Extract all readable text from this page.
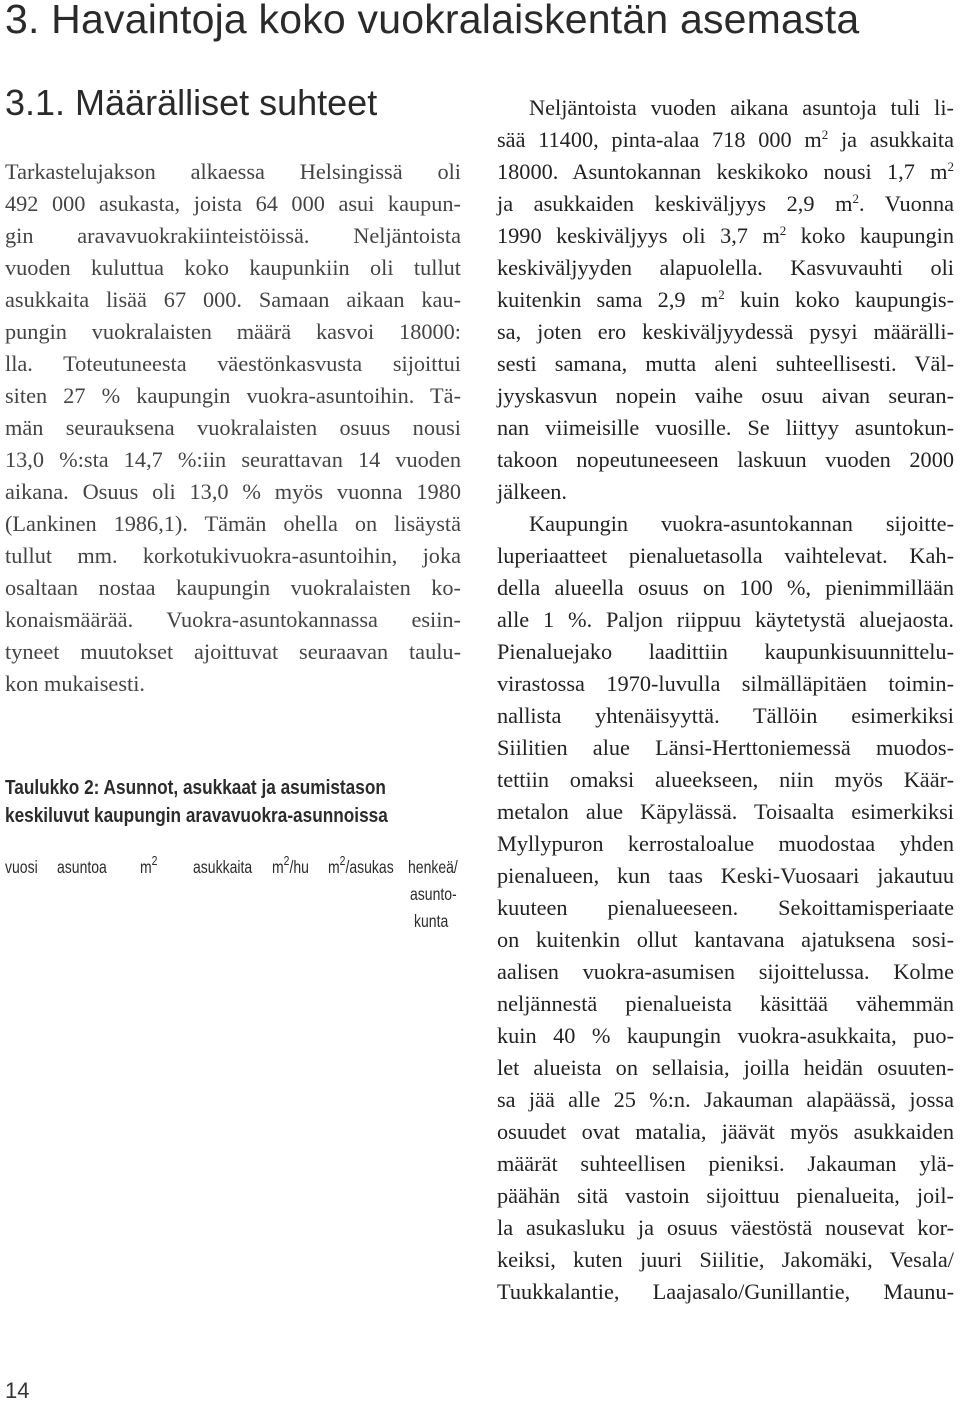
3. Havaintoja koko vuokralaiskentän asemasta
3.1. Määrälliset suhteet
Tarkastelujakson alkaessa Helsingissä oli
492 000 asukasta, joista 64 000 asui kaupun-
gin aravavuokrakiinteistöissä. Neljäntoista
vuoden kuluttua koko kaupunkiin oli tullut
asukkaita lisää 67 000. Samaan aikaan kau-
pungin vuokralaisten määrä kasvoi 18000:
lla. Toteutuneesta väestönkasvusta sijoittui
siten 27 % kaupungin vuokra-asuntoihin. Tä-
män seurauksena vuokralaisten osuus nousi
13,0 %:sta 14,7 %:iin seurattavan 14 vuoden
aikana. Osuus oli 13,0 % myös vuonna 1980
(Lankinen 1986,1). Tämän ohella on lisäystä
tullut mm. korkotukivuokra-asuntoihin, joka
osaltaan nostaa kaupungin vuokralaisten ko-
konaismäärää. Vuokra-asuntokannassa esiin-
tyneet muutokset ajoittuvat seuraavan taulu-
kon mukaisesti.
Neljäntoista vuoden aikana asuntoja tuli li-
sää 11400, pinta-alaa 718 000 $m^2$ ja asukkaita
18000. Asuntokannan keskikoko nousi 1,7 $m^2$
ja asukkaiden keskiväljyys 2,9 $m^2$. Vuonna
1990 keskiväljyys oli 3,7 $m^2$ koko kaupungin
keskiväljyyden alapuolella. Kasvuvauhti oli
kuitenkin sama 2,9 $m^2$ kuin koko kaupungis-
sa, joten ero keskiväljyydessä pysyi määrälli-
sesti samana, mutta aleni suhteellisesti. Väl-
jyyskasvun nopein vaihe osuu aivan seuran-
nan viimeisille vuosille. Se liittyy asuntokun-
takoon nopeutuneeseen laskuun vuoden 2000
jälkeen.
Kaupungin vuokra-asuntokannan sijoitte-
luperiaatteet pienaluetasolla vaihtelevat. Kah-
della alueella osuus on 100 %, pienimmillään
alle 1 %. Paljon riippuu käytetystä aluejaosta.
Pienaluejako laadittiin kaupunkisuunnittelu-
virastossa 1970-luvulla silmälläpitäen toimin-
nallista yhtenäisyyttä. Tällöin esimerkiksi
Siilitien alue Länsi-Herttoniemessä muodos-
tettiin omaksi alueekseen, niin myös Käär-
metalon alue Käpylässä. Toisaalta esimerkiksi
Myllypuron kerrostaloalue muodostaa yhden
pienalueen, kun taas Keski-Vuosaari jakautuu
kuuteen pienalueeseen. Sekoittamisperiaate
on kuitenkin ollut kantavana ajatuksena sosi-
aalisen vuokra-asumisen sijoittelussa. Kolme
neljännestä pienalueista käsittää vähemmän
kuin 40 % kaupungin vuokra-asukkaita, puo-
let alueista on sellaisia, joilla heidän osuuten-
sa jää alle 25 %:n. Jakauman alapäässä, jossa
osuudet ovat matalia, jäävät myös asukkaiden
määrät suhteellisen pieniksi. Jakauman ylä-
päähän sitä vastoin sijoittuu pienalueita, joil-
la asukasluku ja osuus väestöstä nousevat kor-
keiksi, kuten juuri Siilitie, Jakomäki, Vesala/
Tuukkalantie, Laajasalo/Gunillantie, Maunu-
Taulukko 2: Asunnot, asukkaat ja asumistason
keskiluvut kaupungin aravavuokra-asunnoissa
vuosi asuntoa $m^2$ asukkaita $m^2/hu$ $m^2$/asukas henkeä/
asunto-
kunta
14
